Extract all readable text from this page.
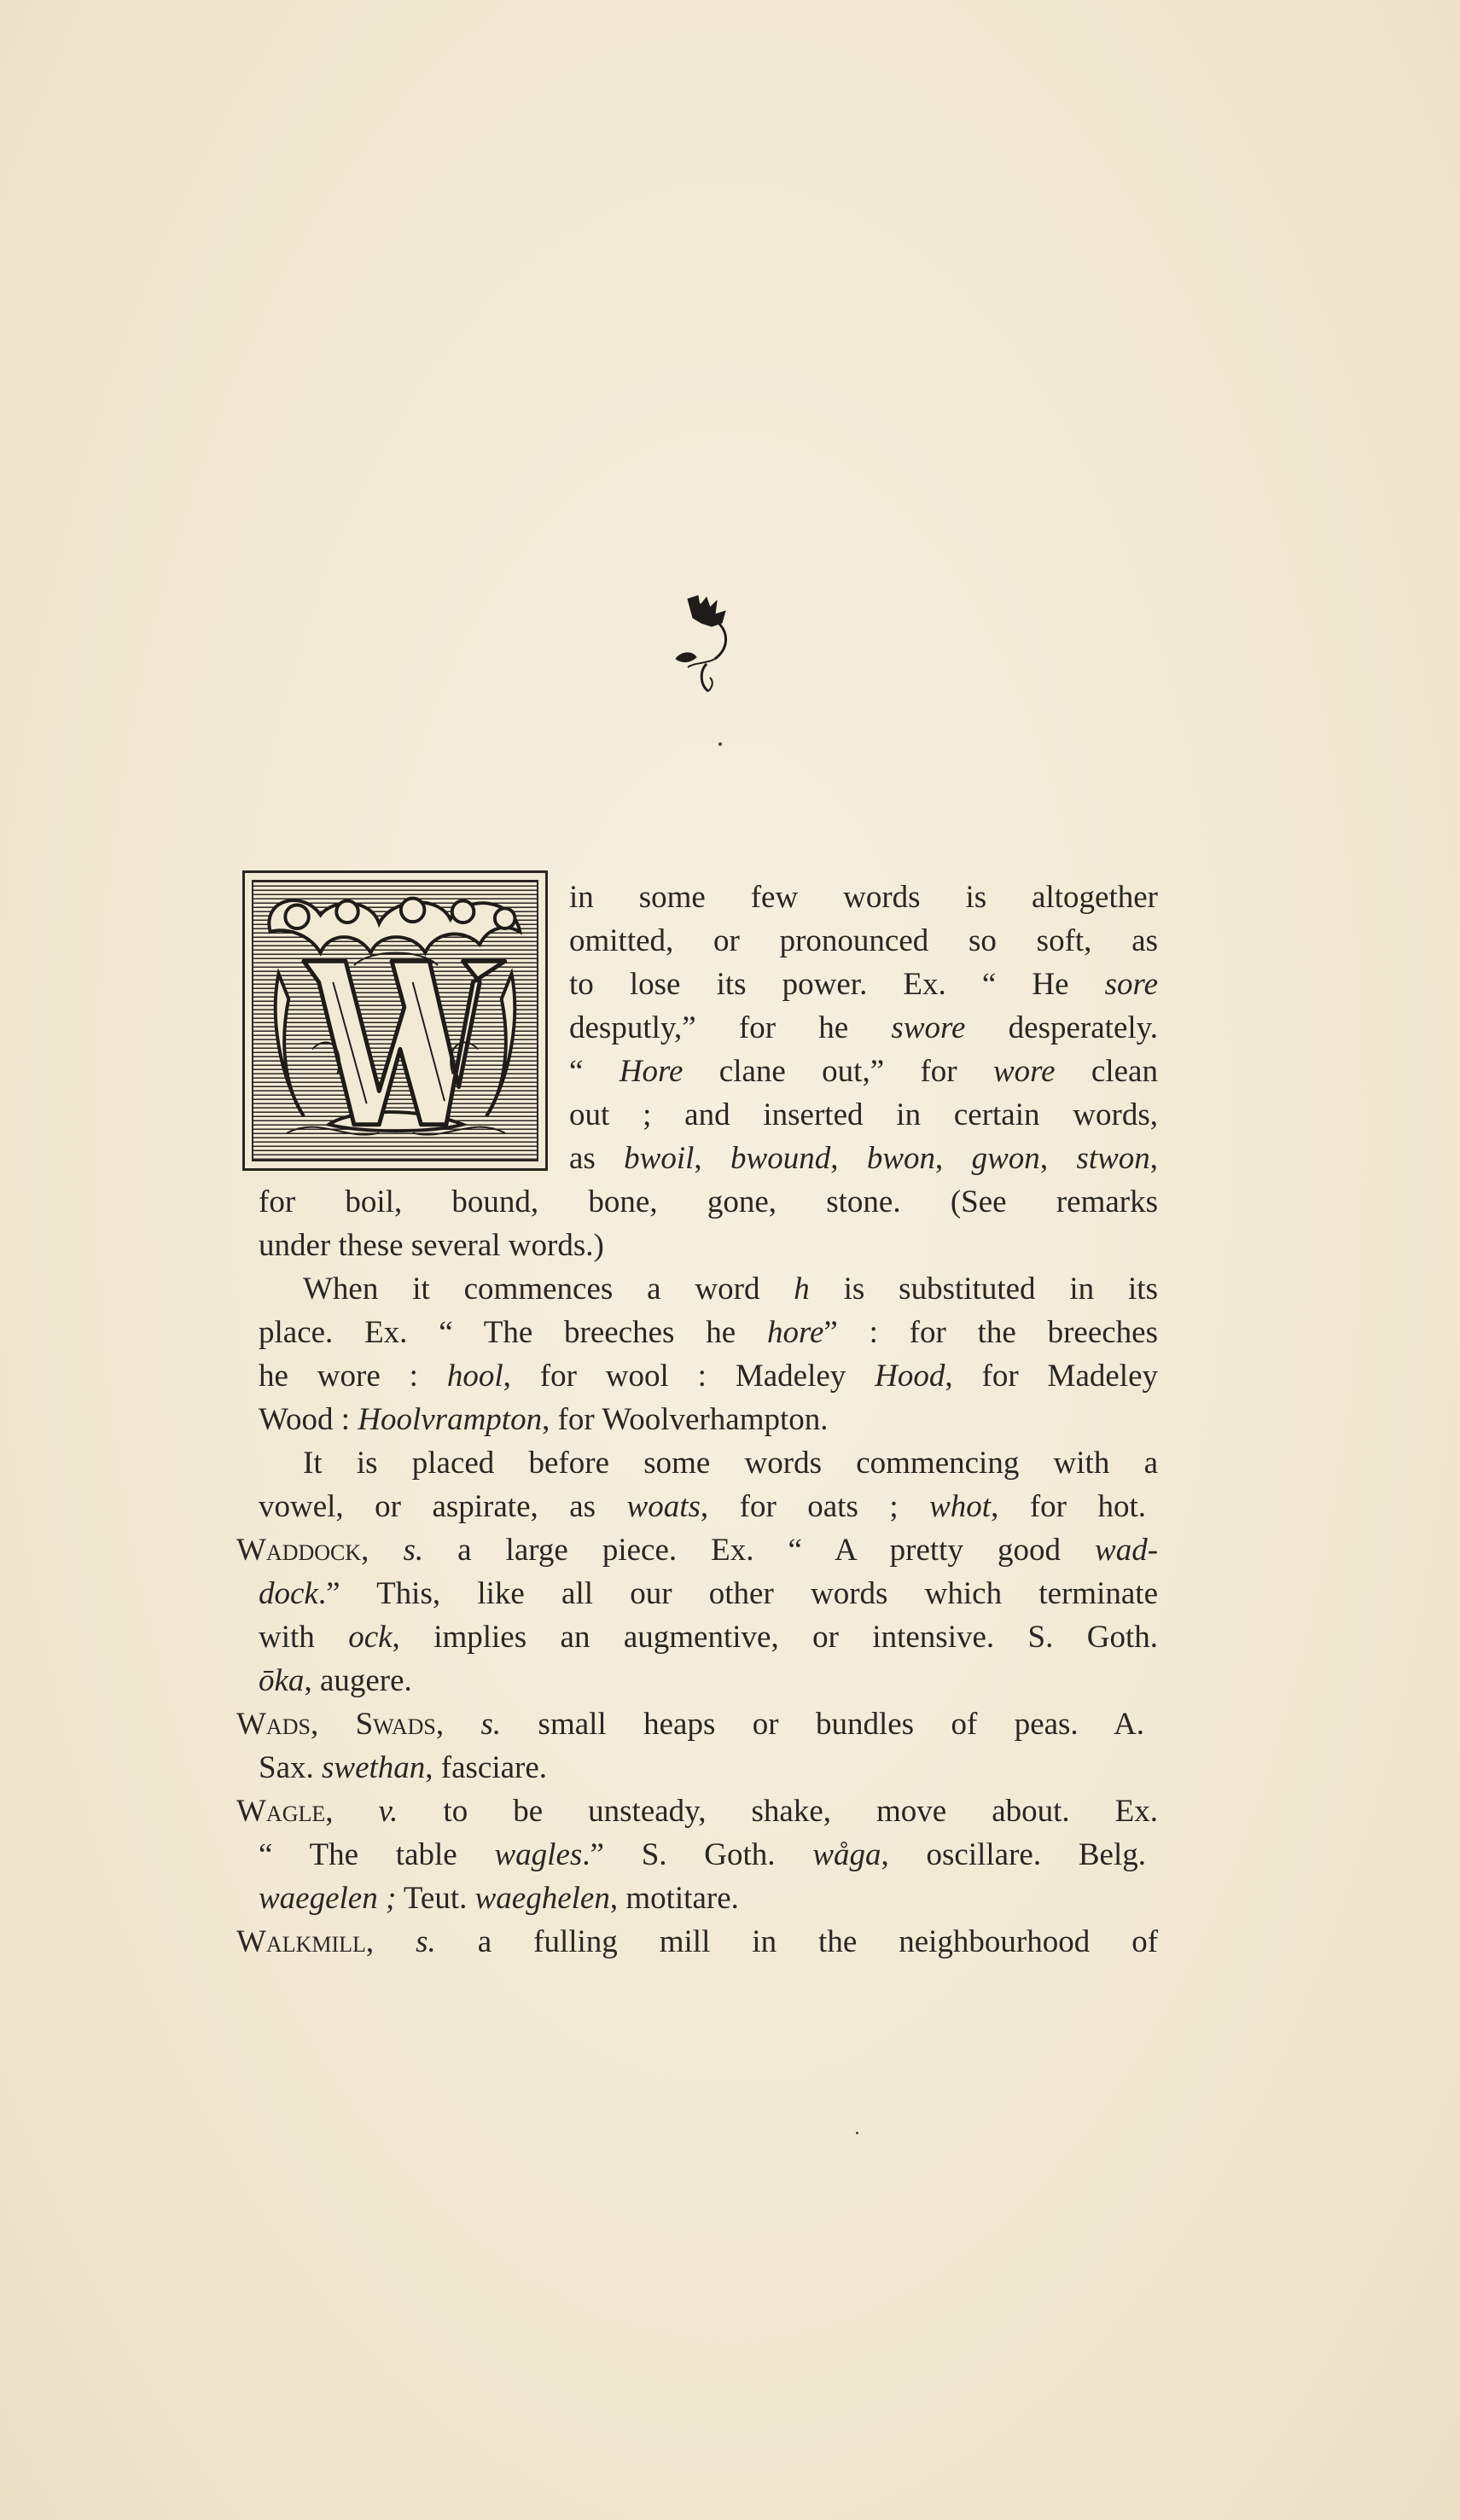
in some few words is altogether
omitted, or pronounced so soft, as
to lose its power. Ex. “ He sore
desputly,” for he swore desperately.
“ Hore clane out,” for wore clean
out ; and inserted in certain words,
as bwoil, bwound, bwon, gwon, stwon,
for boil, bound, bone, gone, stone. (See remarks
under these several words.)
When it commences a word h is substituted in its
place. Ex. “ The breeches he hore” : for the breeches
he wore : hool, for wool : Madeley Hood, for Madeley
Wood : Hoolvrampton, for Woolverhampton.
It is placed before some words commencing with a
vowel, or aspirate, as woats, for oats ; whot, for hot.
Waddock, s. a large piece. Ex. “ A pretty good wad-
dock.” This, like all our other words which terminate
with ock, implies an augmentive, or intensive. S. Goth.
ōka, augere.
Wads, Swads, s. small heaps or bundles of peas. A.
Sax. swethan, fasciare.
Wagle, v. to be unsteady, shake, move about. Ex.
“ The table wagles.” S. Goth. wåga, oscillare. Belg.
waegelen ; Teut. waeghelen, motitare.
Walkmill, s. a fulling mill in the neighbourhood of
